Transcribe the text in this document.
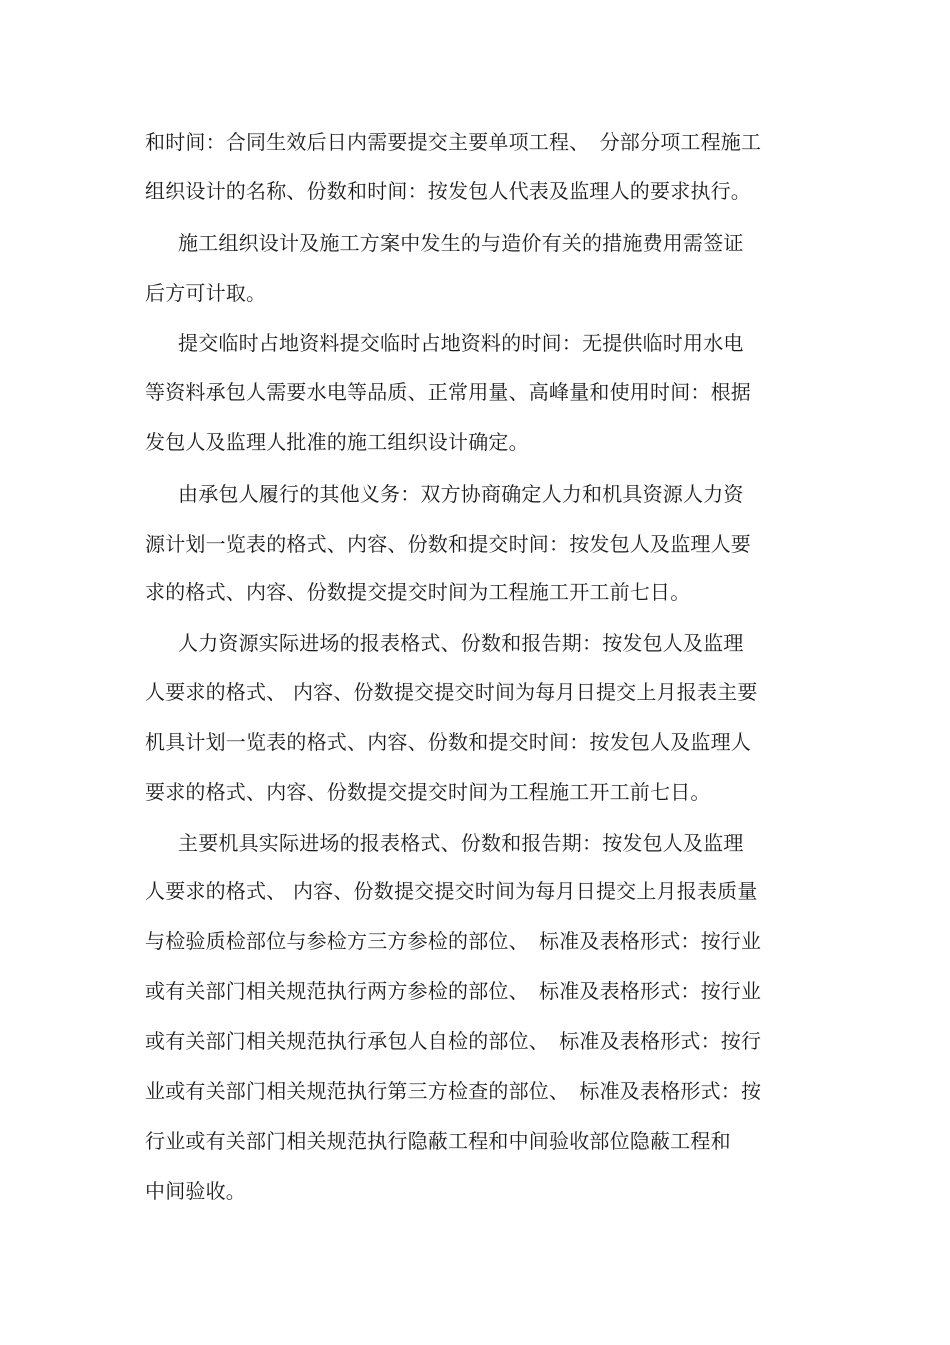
和时间：合同生效后日内需要提交主要单项工程、　分部分项工程施工
组织设计的名称、份数和时间：按发包人代表及监理人的要求执行。
施工组织设计及施工方案中发生的与造价有关的措施费用需签证
后方可计取。
提交临时占地资料提交临时占地资料的时间：无提供临时用水电
等资料承包人需要水电等品质、正常用量、高峰量和使用时间：根据
发包人及监理人批准的施工组织设计确定。
由承包人履行的其他义务：双方协商确定人力和机具资源人力资
源计划一览表的格式、内容、份数和提交时间：按发包人及监理人要
求的格式、内容、份数提交提交时间为工程施工开工前七日。
人力资源实际进场的报表格式、份数和报告期：按发包人及监理
人要求的格式、 内容、份数提交提交时间为每月日提交上月报表主要
机具计划一览表的格式、内容、份数和提交时间：按发包人及监理人
要求的格式、内容、份数提交提交时间为工程施工开工前七日。
主要机具实际进场的报表格式、份数和报告期：按发包人及监理
人要求的格式、 内容、份数提交提交时间为每月日提交上月报表质量
与检验质检部位与参检方三方参检的部位、　标准及表格形式：按行业
或有关部门相关规范执行两方参检的部位、　标准及表格形式：按行业
或有关部门相关规范执行承包人自检的部位、　标准及表格形式：按行
业或有关部门相关规范执行第三方检查的部位、　标准及表格形式：按
行业或有关部门相关规范执行隐蔽工程和中间验收部位隐蔽工程和
中间验收。
